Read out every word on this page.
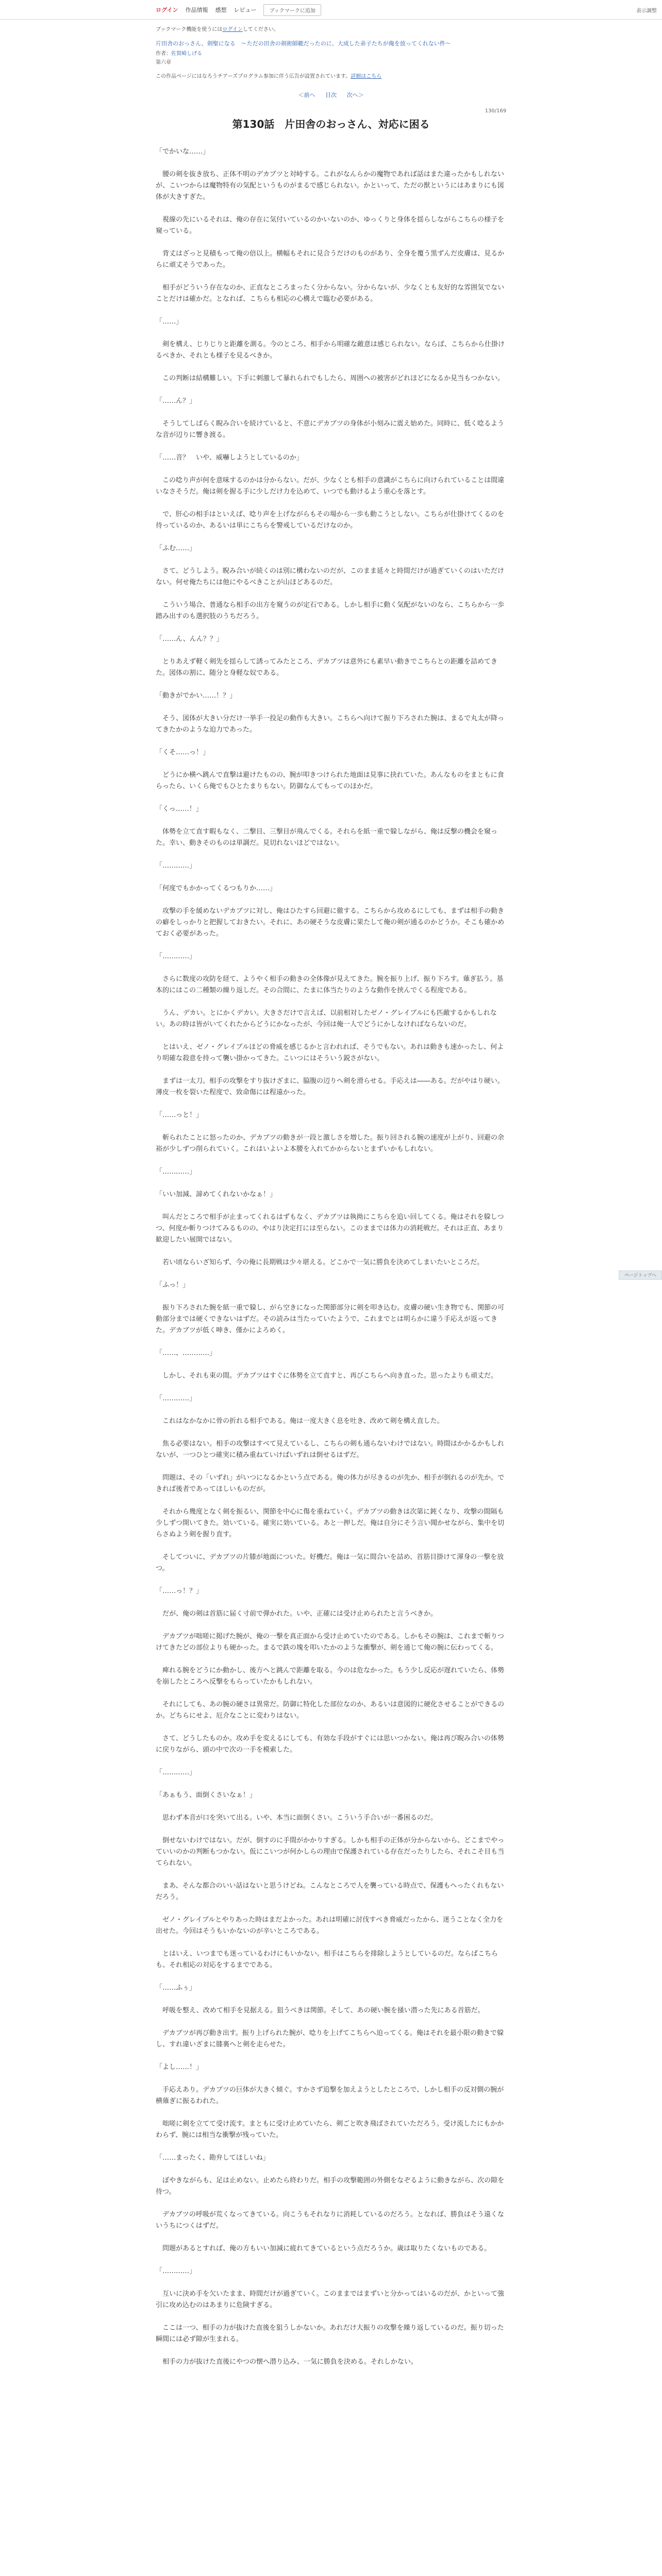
ログイン 作品情報 感想 レビュー	ブックマークに追加	表示調整
ブックマーク機能を使うにはログインしてください。
片田舎のおっさん、剣聖になる　～ただの田舎の剣術師範だったのに、大成した弟子たちが俺を放ってくれない件～
作者：佐賀崎しげる
第六章
この作品ページにはなろうチアーズプログラム参加に伴う広告が設置されています。詳細はこちら
＜前へ 目次 次へ＞
130/169
第130話　片田舎のおっさん、対応に困る

「でかいな……」

　腰の剣を抜き放ち、正体不明のデカブツと対峙する。これがなんらかの魔物であれば話はまた違ったかもしれないが、こいつからは魔物特有の気配というものがまるで感じられない。かといって、ただの獣というにはあまりにも図体が大きすぎた。

　視線の先にいるそれは、俺の存在に気付いているのかいないのか、ゆっくりと身体を揺らしながらこちらの様子を窺っている。

　背丈はざっと見積もって俺の倍以上。横幅もそれに見合うだけのものがあり、全身を覆う黒ずんだ皮膚は、見るからに頑丈そうであった。

　相手がどういう存在なのか、正直なところまったく分からない。分からないが、少なくとも友好的な雰囲気でないことだけは確かだ。となれば、こちらも相応の心構えで臨む必要がある。

「……」

　剣を構え、じりじりと距離を測る。今のところ、相手から明確な敵意は感じられない。ならば、こちらから仕掛けるべきか、それとも様子を見るべきか。

　この判断は結構難しい。下手に刺激して暴れられでもしたら、周囲への被害がどれほどになるか見当もつかない。

「……ん？」

　そうしてしばらく睨み合いを続けていると、不意にデカブツの身体が小刻みに震え始めた。同時に、低く唸るような音が辺りに響き渡る。

「……音？　いや、威嚇しようとしているのか」

　この唸り声が何を意味するのかは分からない。だが、少なくとも相手の意識がこちらに向けられていることは間違いなさそうだ。俺は剣を握る手に少しだけ力を込めて、いつでも動けるよう重心を落とす。

　で、肝心の相手はといえば、唸り声を上げながらもその場から一歩も動こうとしない。こちらが仕掛けてくるのを待っているのか、あるいは単にこちらを警戒しているだけなのか。

「ふむ……」

　さて、どうしよう。睨み合いが続くのは別に構わないのだが、このまま延々と時間だけが過ぎていくのはいただけない。何せ俺たちには他にやるべきことが山ほどあるのだ。

　こういう場合、普通なら相手の出方を窺うのが定石である。しかし相手に動く気配がないのなら、こちらから一歩踏み出すのも選択肢のうちだろう。

「……ん、んん？？」

　とりあえず軽く剣先を揺らして誘ってみたところ、デカブツは意外にも素早い動きでこちらとの距離を詰めてきた。図体の割に、随分と身軽な奴である。

「動きがでかい……！？」

　そう、図体が大きい分だけ一挙手一投足の動作も大きい。こちらへ向けて振り下ろされた腕は、まるで丸太が降ってきたかのような迫力であった。

「くそ……っ！」

　どうにか横へ跳んで直撃は避けたものの、腕が叩きつけられた地面は見事に抉れていた。あんなものをまともに食らったら、いくら俺でもひとたまりもない。防御なんてもってのほかだ。

「くっ……！」

　体勢を立て直す暇もなく、二撃目、三撃目が飛んでくる。それらを紙一重で躱しながら、俺は反撃の機会を窺った。幸い、動きそのものは単調だ。見切れないほどではない。

「…………」

「何度でもかかってくるつもりか……」

　攻撃の手を緩めないデカブツに対し、俺はひたすら回避に徹する。こちらから攻めるにしても、まずは相手の動きの癖をしっかりと把握しておきたい。それに、あの硬そうな皮膚に果たして俺の剣が通るのかどうか。そこも確かめておく必要があった。

「…………」

　さらに数度の攻防を経て、ようやく相手の動きの全体像が見えてきた。腕を振り上げ、振り下ろす。薙ぎ払う。基本的にはこの二種類の繰り返しだ。その合間に、たまに体当たりのような動作を挟んでくる程度である。

　うん、デカい。とにかくデカい。大きさだけで言えば、以前相対したゼノ・グレイブルにも匹敵するかもしれない。あの時は皆がいてくれたからどうにかなったが、今回は俺一人でどうにかしなければならないのだ。

　とはいえ、ゼノ・グレイブルほどの脅威を感じるかと言われれば、そうでもない。あれは動きも速かったし、何より明確な殺意を持って襲い掛かってきた。こいつにはそういう鋭さがない。

　まずは一太刀。相手の攻撃をすり抜けざまに、脇腹の辺りへ剣を滑らせる。手応えは――ある。だがやはり硬い。薄皮一枚を裂いた程度で、致命傷には程遠かった。

「……っと！」

　斬られたことに怒ったのか、デカブツの動きが一段と激しさを増した。振り回される腕の速度が上がり、回避の余裕が少しずつ削られていく。これはいよいよ本腰を入れてかからないとまずいかもしれない。

「…………」

「いい加減、諦めてくれないかなぁ！」

　叫んだところで相手が止まってくれるはずもなく、デカブツは執拗にこちらを追い回してくる。俺はそれを躱しつつ、何度か斬りつけてみるものの、やはり決定打には至らない。このままでは体力の消耗戦だ。それは正直、あまり歓迎したい展開ではない。

　若い頃ならいざ知らず、今の俺に長期戦は少々堪える。どこかで一気に勝負を決めてしまいたいところだ。

「ふっ！」

　振り下ろされた腕を紙一重で躱し、がら空きになった関節部分に剣を叩き込む。皮膚の硬い生き物でも、関節の可動部分までは硬くできないはずだ。その読みは当たっていたようで、これまでとは明らかに違う手応えが返ってきた。デカブツが低く呻き、僅かによろめく。

「……、…………」

　しかし、それも束の間。デカブツはすぐに体勢を立て直すと、再びこちらへ向き直った。思ったよりも頑丈だ。

「…………」

　これはなかなかに骨の折れる相手である。俺は一度大きく息を吐き、改めて剣を構え直した。

　焦る必要はない。相手の攻撃はすべて見えているし、こちらの剣も通らないわけではない。時間はかかるかもしれないが、一つひとつ確実に積み重ねていけばいずれは倒せるはずだ。

　問題は、その「いずれ」がいつになるかという点である。俺の体力が尽きるのが先か、相手が倒れるのが先か。できれば後者であってほしいものだが。

　それから幾度となく剣を振るい、関節を中心に傷を重ねていく。デカブツの動きは次第に鈍くなり、攻撃の間隔も少しずつ開いてきた。効いている。確実に効いている。あと一押しだ。俺は自分にそう言い聞かせながら、集中を切らさぬよう剣を握り直す。

　そしてついに、デカブツの片膝が地面についた。好機だ。俺は一気に間合いを詰め、首筋目掛けて渾身の一撃を放つ。

「……っ！？」

　だが、俺の剣は首筋に届く寸前で弾かれた。いや、正確には受け止められたと言うべきか。

　デカブツが咄嗟に掲げた腕が、俺の一撃を真正面から受け止めていたのである。しかもその腕は、これまで斬りつけてきたどの部位よりも硬かった。まるで鉄の塊を叩いたかのような衝撃が、剣を通じて俺の腕に伝わってくる。

　痺れる腕をどうにか動かし、後方へと跳んで距離を取る。今のは危なかった。もう少し反応が遅れていたら、体勢を崩したところへ反撃をもらっていたかもしれない。

　それにしても、あの腕の硬さは異常だ。防御に特化した部位なのか、あるいは意図的に硬化させることができるのか。どちらにせよ、厄介なことに変わりはない。

　さて、どうしたものか。攻め手を変えるにしても、有効な手段がすぐには思いつかない。俺は再び睨み合いの体勢に戻りながら、頭の中で次の一手を模索した。

「…………」

「あぁもう、面倒くさいなぁ！」

　思わず本音が口を突いて出る。いや、本当に面倒くさい。こういう手合いが一番困るのだ。

　倒せないわけではない。だが、倒すのに手間がかかりすぎる。しかも相手の正体が分からないから、どこまでやっていいのかの判断もつかない。仮にこいつが何かしらの理由で保護されている存在だったりしたら、それこそ目も当てられない。

　まあ、そんな都合のいい話はないと思うけどね。こんなところで人を襲っている時点で、保護もへったくれもないだろう。

　ゼノ・グレイブルとやりあった時はまだよかった。あれは明確に討伐すべき脅威だったから、迷うことなく全力を出せた。今回はそうもいかないのが辛いところである。

　とはいえ、いつまでも迷っているわけにもいかない。相手はこちらを排除しようとしているのだ。ならばこちらも、それ相応の対応をするまでである。

「……ふぅ」

　呼吸を整え、改めて相手を見据える。狙うべきは関節。そして、あの硬い腕を掻い潜った先にある首筋だ。

　デカブツが再び動き出す。振り上げられた腕が、唸りを上げてこちらへ迫ってくる。俺はそれを最小限の動きで躱し、すれ違いざまに膝裏へと剣を走らせた。

「よし……！」

　手応えあり。デカブツの巨体が大きく傾ぐ。すかさず追撃を加えようとしたところで、しかし相手の反対側の腕が横薙ぎに振るわれた。

　咄嗟に剣を立てて受け流す。まともに受け止めていたら、剣ごと吹き飛ばされていただろう。受け流したにもかかわらず、腕には相当な衝撃が残っていた。

「……まったく、勘弁してほしいね」

　ぼやきながらも、足は止めない。止めたら終わりだ。相手の攻撃範囲の外側をなぞるように動きながら、次の隙を待つ。

　デカブツの呼吸が荒くなってきている。向こうもそれなりに消耗しているのだろう。となれば、勝負はそう遠くないうちにつくはずだ。

　問題があるとすれば、俺の方もいい加減に疲れてきているという点だろうか。歳は取りたくないものである。

「…………」

　互いに決め手を欠いたまま、時間だけが過ぎていく。このままではまずいと分かってはいるのだが、かといって強引に攻め込むのはあまりに危険すぎる。

　ここは一つ、相手の力が抜けた直後を狙うしかないか。あれだけ大振りの攻撃を繰り返しているのだ。振り切った瞬間には必ず隙が生まれる。

　相手の力が抜けた直後にやつの懐へ潜り込み、一気に勝負を決める。それしかない。

ページトップへ
